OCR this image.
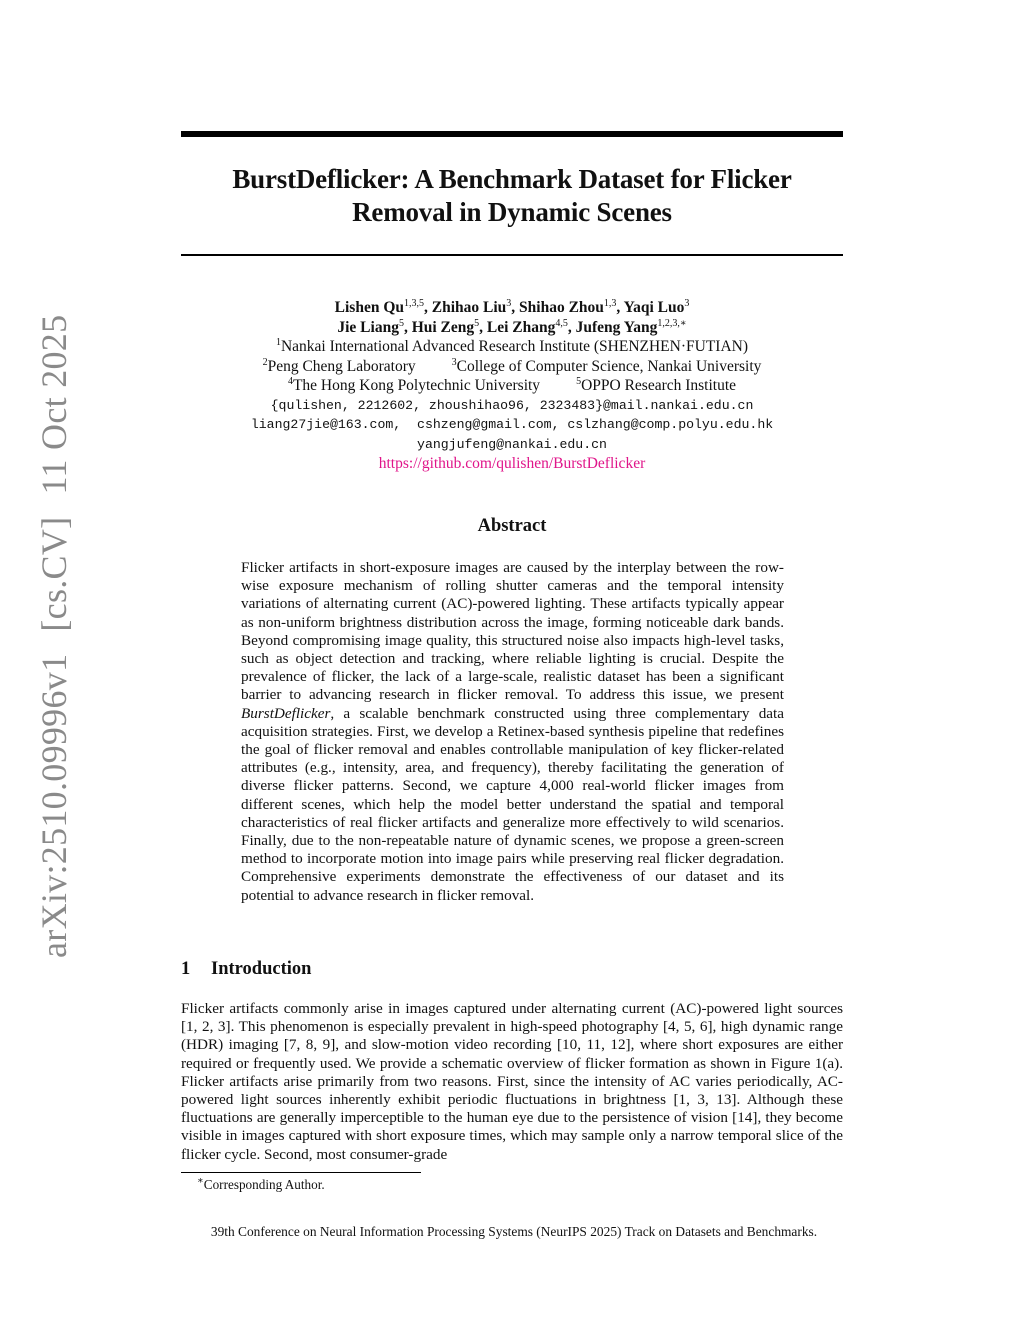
arXiv:2510.09996v1[cs.CV]11 Oct 2025
BurstDeflicker: A Benchmark Dataset for Flicker
Removal in Dynamic Scenes
Lishen Qu$^{1,3,5}$, Zhihao Liu$^3$, Shihao Zhou$^{1,3}$, Yaqi Luo$^3$
Jie Liang$^5$, Hui Zeng$^5$, Lei Zhang$^{4,5}$, Jufeng Yang$^{1,2,3,∗}$
$^1$Nankai International Advanced Research Institute (SHENZHEN·FUTIAN)
$^2$Peng Cheng Laboratory	$^3$College of Computer Science, Nankai University
$^4$The Hong Kong Polytechnic University	$^5$OPPO Research Institute
{qulishen, 2212602, zhoushihao96, 2323483}@mail.nankai.edu.cn
liang27jie@163.com,  cshzeng@gmail.com, cslzhang@comp.polyu.edu.hk
yangjufeng@nankai.edu.cn
https://github.com/qulishen/BurstDeflicker
Abstract
Flicker artifacts in short-exposure images are caused by the interplay between the row-wise exposure mechanism of rolling shutter cameras and the temporal intensity variations of alternating current (AC)-powered lighting. These artifacts typically appear as non-uniform brightness distribution across the image, forming noticeable dark bands. Beyond compromising image quality, this structured noise also impacts high-level tasks, such as object detection and tracking, where reliable lighting is crucial. Despite the prevalence of flicker, the lack of a large-scale, realistic dataset has been a significant barrier to advancing research in flicker removal. To address this issue, we present BurstDeflicker, a scalable benchmark constructed using three complementary data acquisition strategies. First, we develop a Retinex-based synthesis pipeline that redefines the goal of flicker removal and enables controllable manipulation of key flicker-related attributes (e.g., intensity, area, and frequency), thereby facilitating the generation of diverse flicker patterns. Second, we capture 4,000 real-world flicker images from different scenes, which help the model better understand the spatial and temporal characteristics of real flicker artifacts and generalize more effectively to wild scenarios. Finally, due to the non-repeatable nature of dynamic scenes, we propose a green-screen method to incorporate motion into image pairs while preserving real flicker degradation. Comprehensive experiments demonstrate the effectiveness of our dataset and its potential to advance research in flicker removal.
1 Introduction
Flicker artifacts commonly arise in images captured under alternating current (AC)-powered light sources [1, 2, 3]. This phenomenon is especially prevalent in high-speed photography [4, 5, 6], high dynamic range (HDR) imaging [7, 8, 9], and slow-motion video recording [10, 11, 12], where short exposures are either required or frequently used. We provide a schematic overview of flicker formation as shown in Figure 1(a). Flicker artifacts arise primarily from two reasons. First, since the intensity of AC varies periodically, AC-powered light sources inherently exhibit periodic fluctuations in brightness [1, 3, 13]. Although these fluctuations are generally imperceptible to the human eye due to the persistence of vision [14], they become visible in images captured with short exposure times, which may sample only a narrow temporal slice of the flicker cycle. Second, most consumer-grade
∗Corresponding Author.
39th Conference on Neural Information Processing Systems (NeurIPS 2025) Track on Datasets and Benchmarks.
